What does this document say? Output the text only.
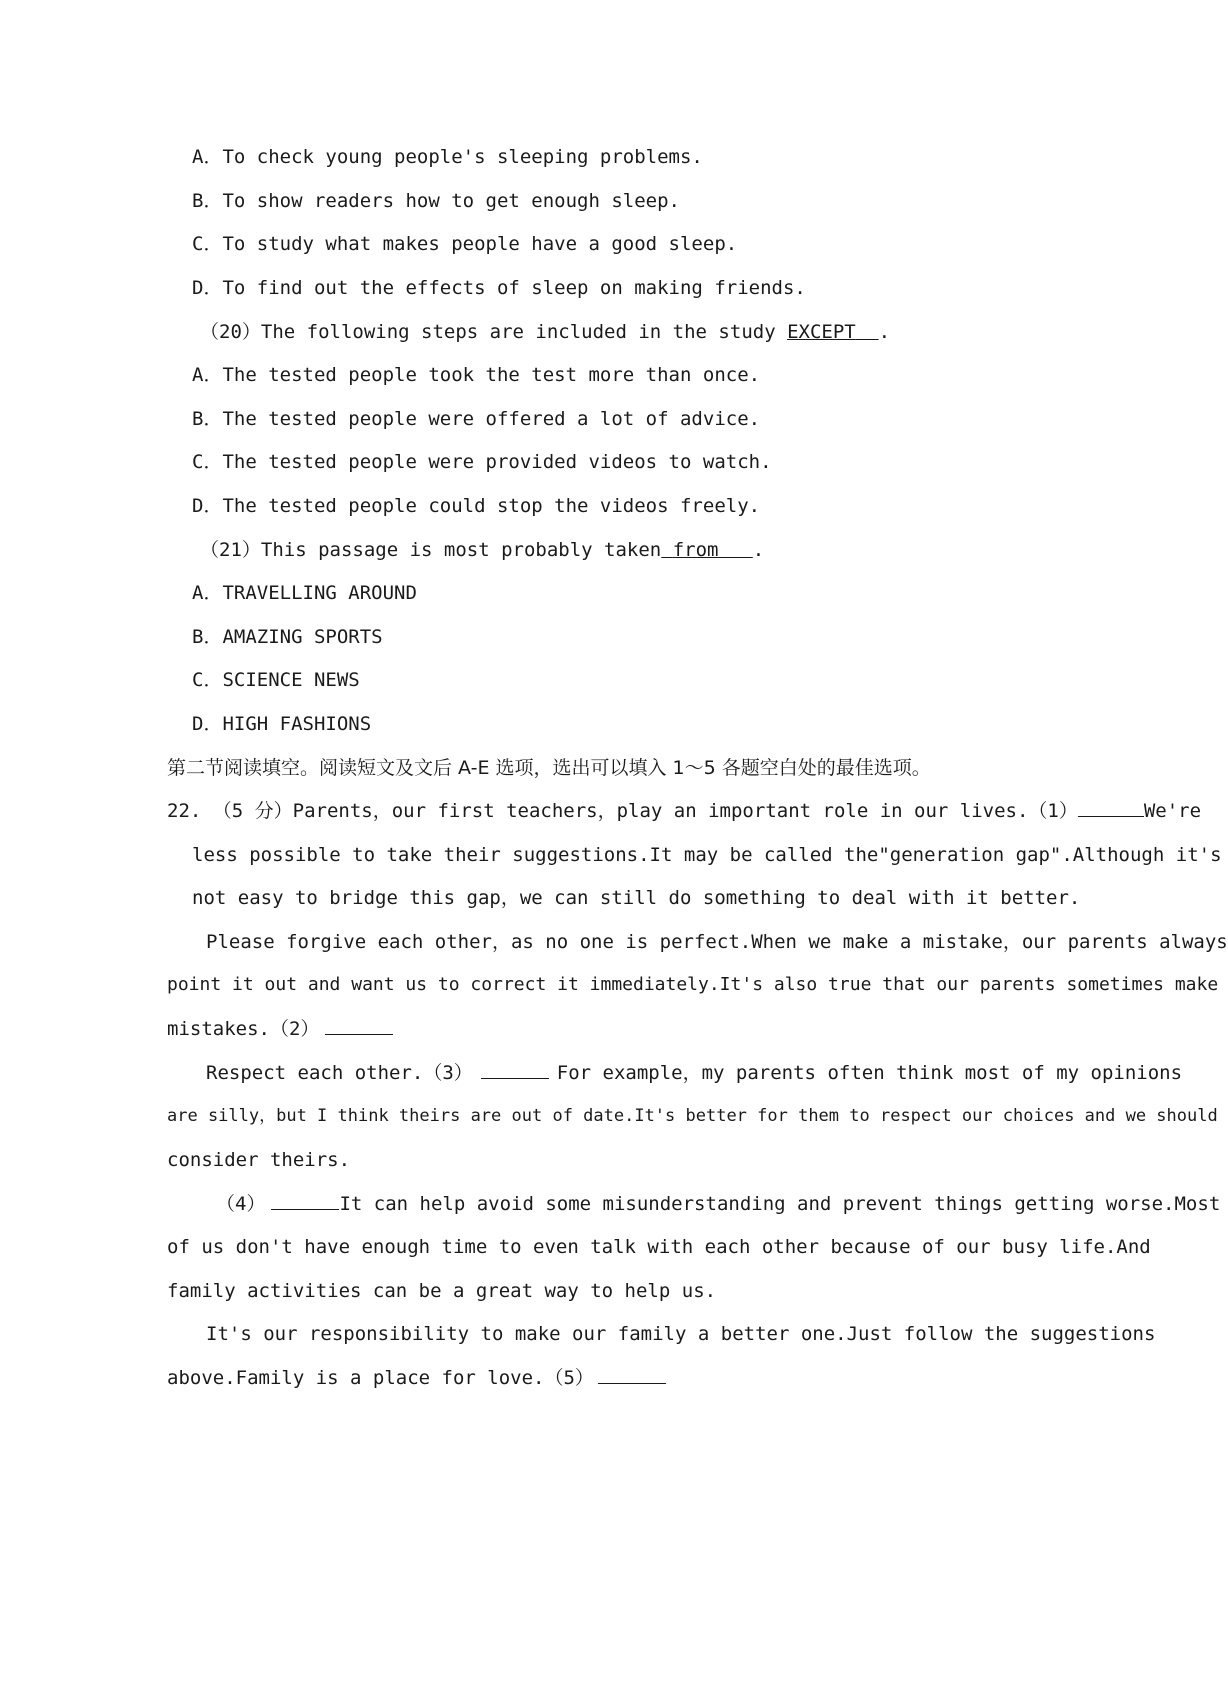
A．To check young people's sleeping problems.
B．To show readers how to get enough sleep.
C．To study what makes people have a good sleep.
D．To find out the effects of sleep on making friends.
（20）The following steps are included in the study EXCEPT .
A．The tested people took the test more than once.
B．The tested people were offered a lot of advice.
C．The tested people were provided videos to watch.
D．The tested people could stop the videos freely.
（21）This passage is most probably taken from .
A．TRAVELLING AROUND
B．AMAZING SPORTS
C．SCIENCE NEWS
D．HIGH FASHIONS
第二节阅读填空。阅读短文及文后 A-E 选项，选出可以填入 1～5 各题空白处的最佳选项。
22. （5 分）Parents，our first teachers，play an important role in our lives.（1）	We're
less possible to take their suggestions.It may be called the"generation gap".Although it's
not easy to bridge this gap，we can still do something to deal with it better.
Please forgive each other，as no one is perfect.When we make a mistake，our parents always
point it out and want us to correct it immediately.It's also true that our parents sometimes make
mistakes.（2）
Respect each other.（3）	For example，my parents often think most of my opinions
are silly，but I think theirs are out of date.It's better for them to respect our choices and we should
consider theirs.
（4）	It can help avoid some misunderstanding and prevent things getting worse.Most
of us don't have enough time to even talk with each other because of our busy life.And
family activities can be a great way to help us.
It's our responsibility to make our family a better one.Just follow the suggestions
above.Family is a place for love.（5）
